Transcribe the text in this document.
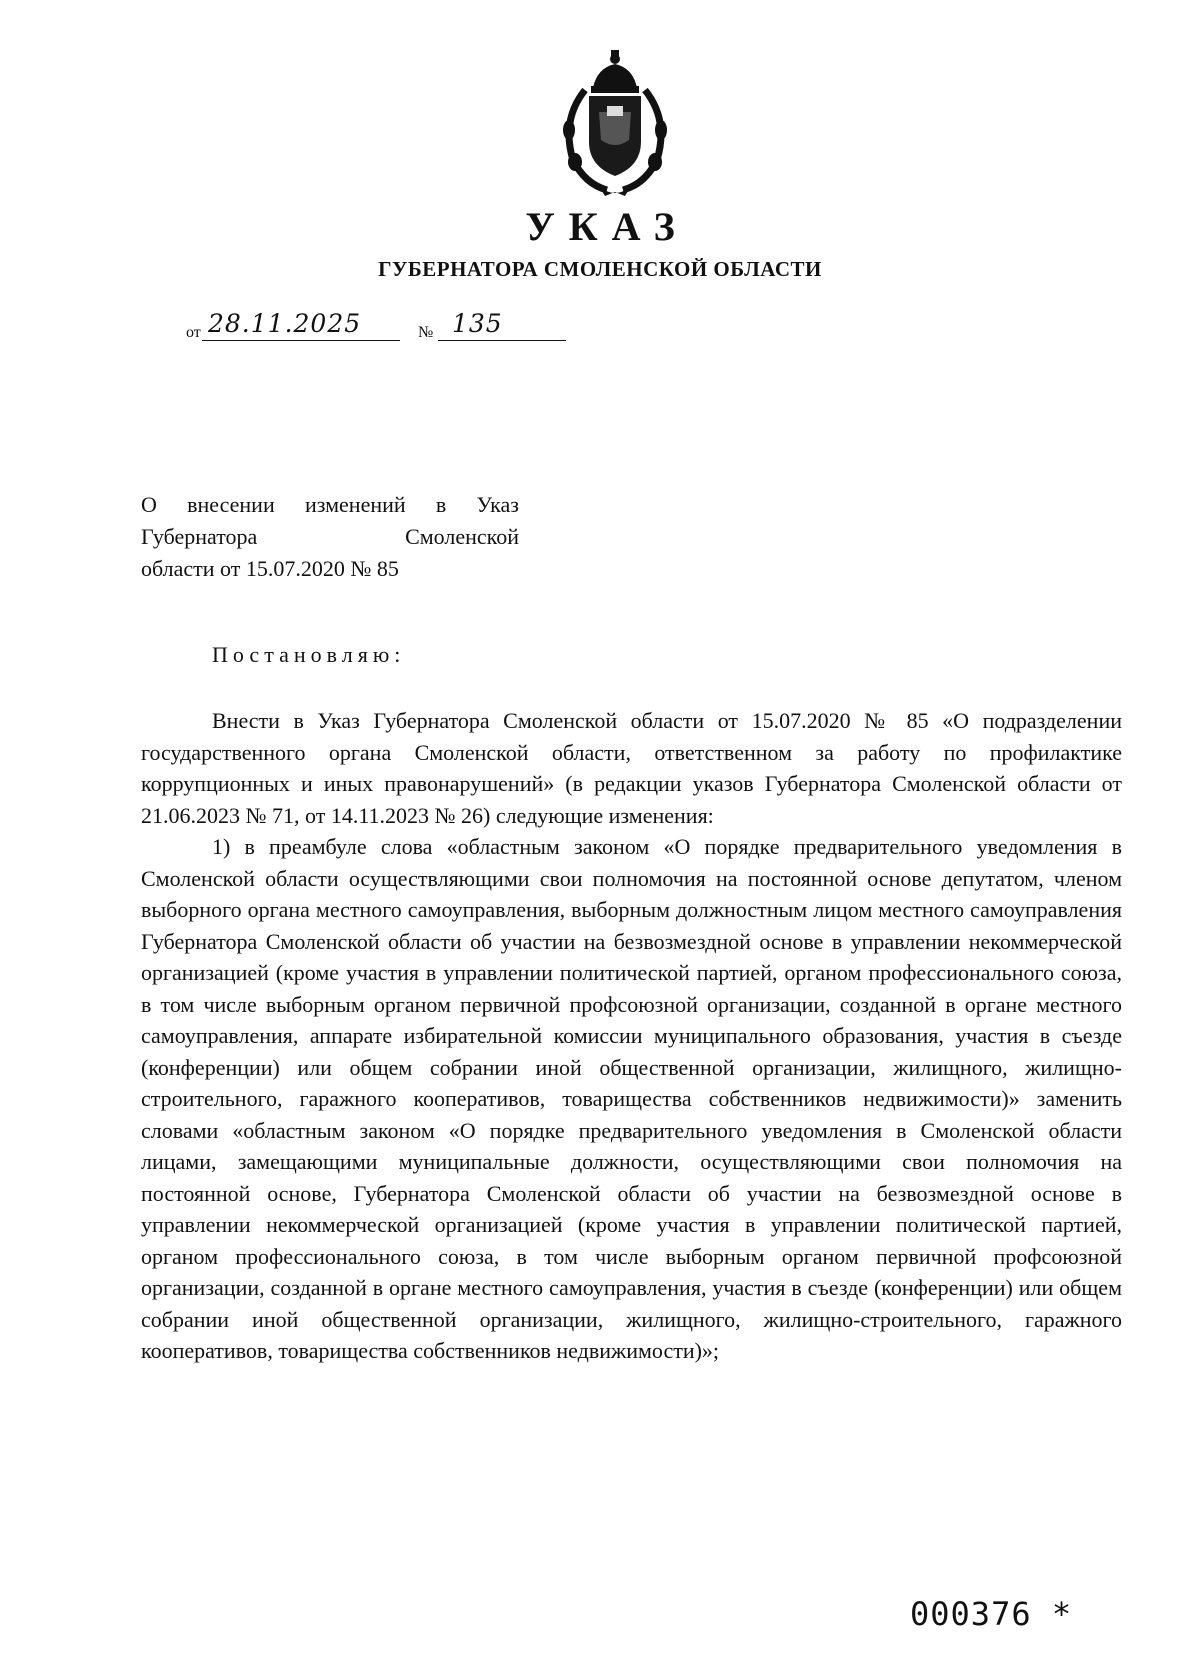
УКАЗ
ГУБЕРНАТОРА СМОЛЕНСКОЙ ОБЛАСТИ
от 28.11.2025	№ 135
О внесении изменений в Указ
Губернатора Смоленской
области от 15.07.2020 № 85
Постановляю:

Внести в Указ Губернатора Смоленской области от 15.07.2020 № 85 «О подразделении государственного органа Смоленской области, ответственном за работу по профилактике коррупционных и иных правонарушений» (в редакции указов Губернатора Смоленской области от 21.06.2023 № 71, от 14.11.2023 № 26) следующие изменения:

1) в преамбуле слова «областным законом «О порядке предварительного уведомления в Смоленской области осуществляющими свои полномочия на постоянной основе депутатом, членом выборного органа местного самоуправления, выборным должностным лицом местного самоуправления Губернатора Смоленской области об участии на безвозмездной основе в управлении некоммерческой организацией (кроме участия в управлении политической партией, органом профессионального союза, в том числе выборным органом первичной профсоюзной организации, созданной в органе местного самоуправления, аппарате избирательной комиссии муниципального образования, участия в съезде (конференции) или общем собрании иной общественной организации, жилищного, жилищно-строительного, гаражного кооперативов, товарищества собственников недвижимости)» заменить словами «областным законом «О порядке предварительного уведомления в Смоленской области лицами, замещающими муниципальные должности, осуществляющими свои полномочия на постоянной основе, Губернатора Смоленской области об участии на безвозмездной основе в управлении некоммерческой организацией (кроме участия в управлении политической партией, органом профессионального союза, в том числе выборным органом первичной профсоюзной организации, созданной в органе местного самоуправления, участия в съезде (конференции) или общем собрании иной общественной организации, жилищного, жилищно-строительного, гаражного кооперативов, товарищества собственников недвижимости)»;

000376 *
